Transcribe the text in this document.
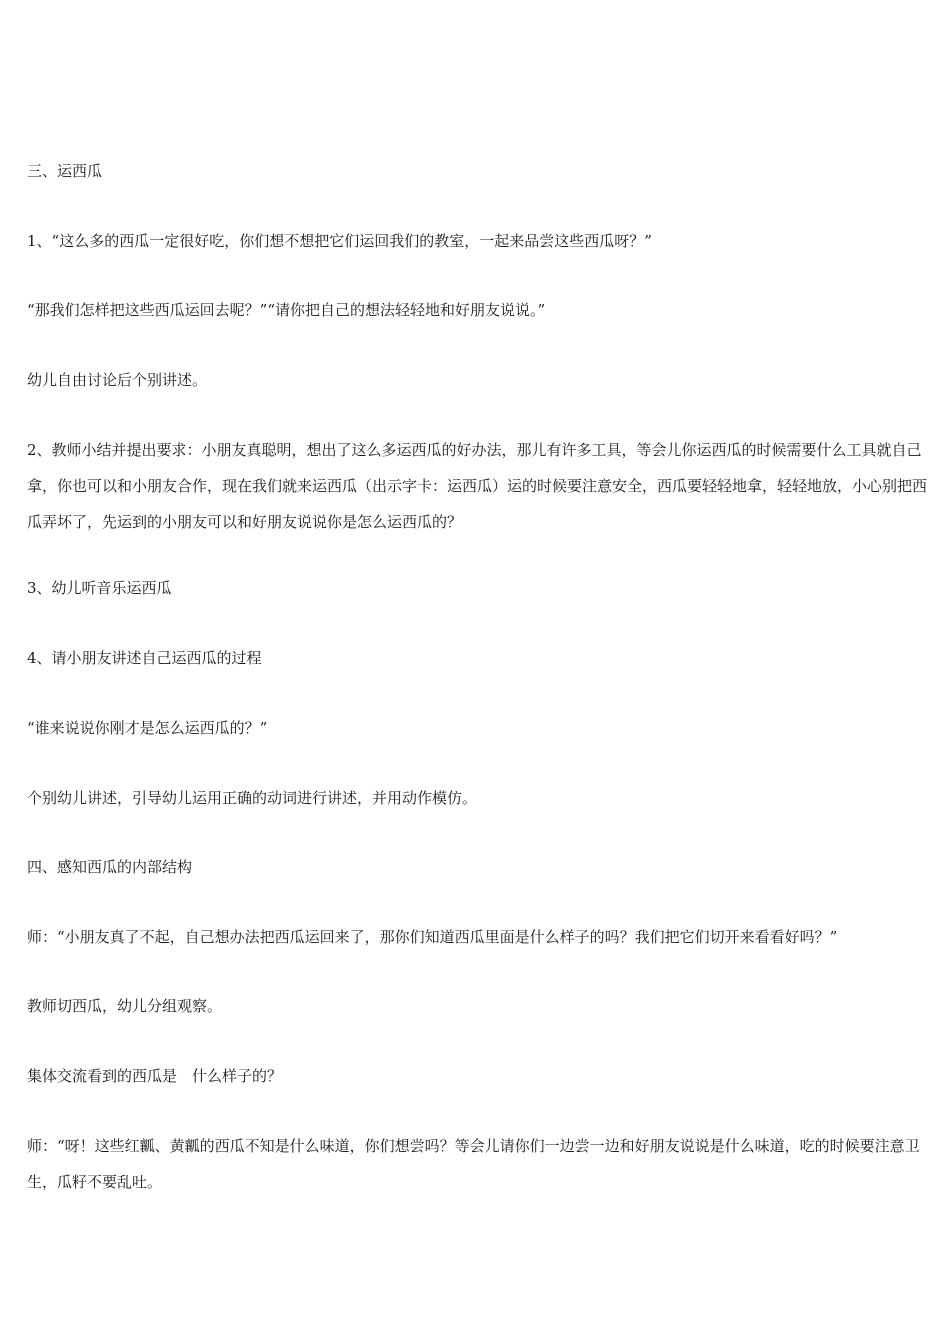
三、运西瓜

1、“这么多的西瓜一定很好吃，你们想不想把它们运回我们的教室，一起来品尝这些西瓜呀？”

“那我们怎样把这些西瓜运回去呢？”“请你把自己的想法轻轻地和好朋友说说。”

幼儿自由讨论后个别讲述。

2、教师小结并提出要求：小朋友真聪明，想出了这么多运西瓜的好办法，那儿有许多工具，等会儿你运西瓜的时候需要什么工具就自己拿，你也可以和小朋友合作，现在我们就来运西瓜（出示字卡：运西瓜）运的时候要注意安全，西瓜要轻轻地拿，轻轻地放，小心别把西瓜弄坏了，先运到的小朋友可以和好朋友说说你是怎么运西瓜的？

3、幼儿听音乐运西瓜

4、请小朋友讲述自己运西瓜的过程

“谁来说说你刚才是怎么运西瓜的？”

个别幼儿讲述，引导幼儿运用正确的动词进行讲述，并用动作模仿。

四、感知西瓜的内部结构

师：“小朋友真了不起，自己想办法把西瓜运回来了，那你们知道西瓜里面是什么样子的吗？我们把它们切开来看看好吗？”

教师切西瓜，幼儿分组观察。

集体交流看到的西瓜是　什么样子的？

师：“呀！这些红瓤、黄瓤的西瓜不知是什么味道，你们想尝吗？等会儿请你们一边尝一边和好朋友说说是什么味道，吃的时候要注意卫生，瓜籽不要乱吐。
